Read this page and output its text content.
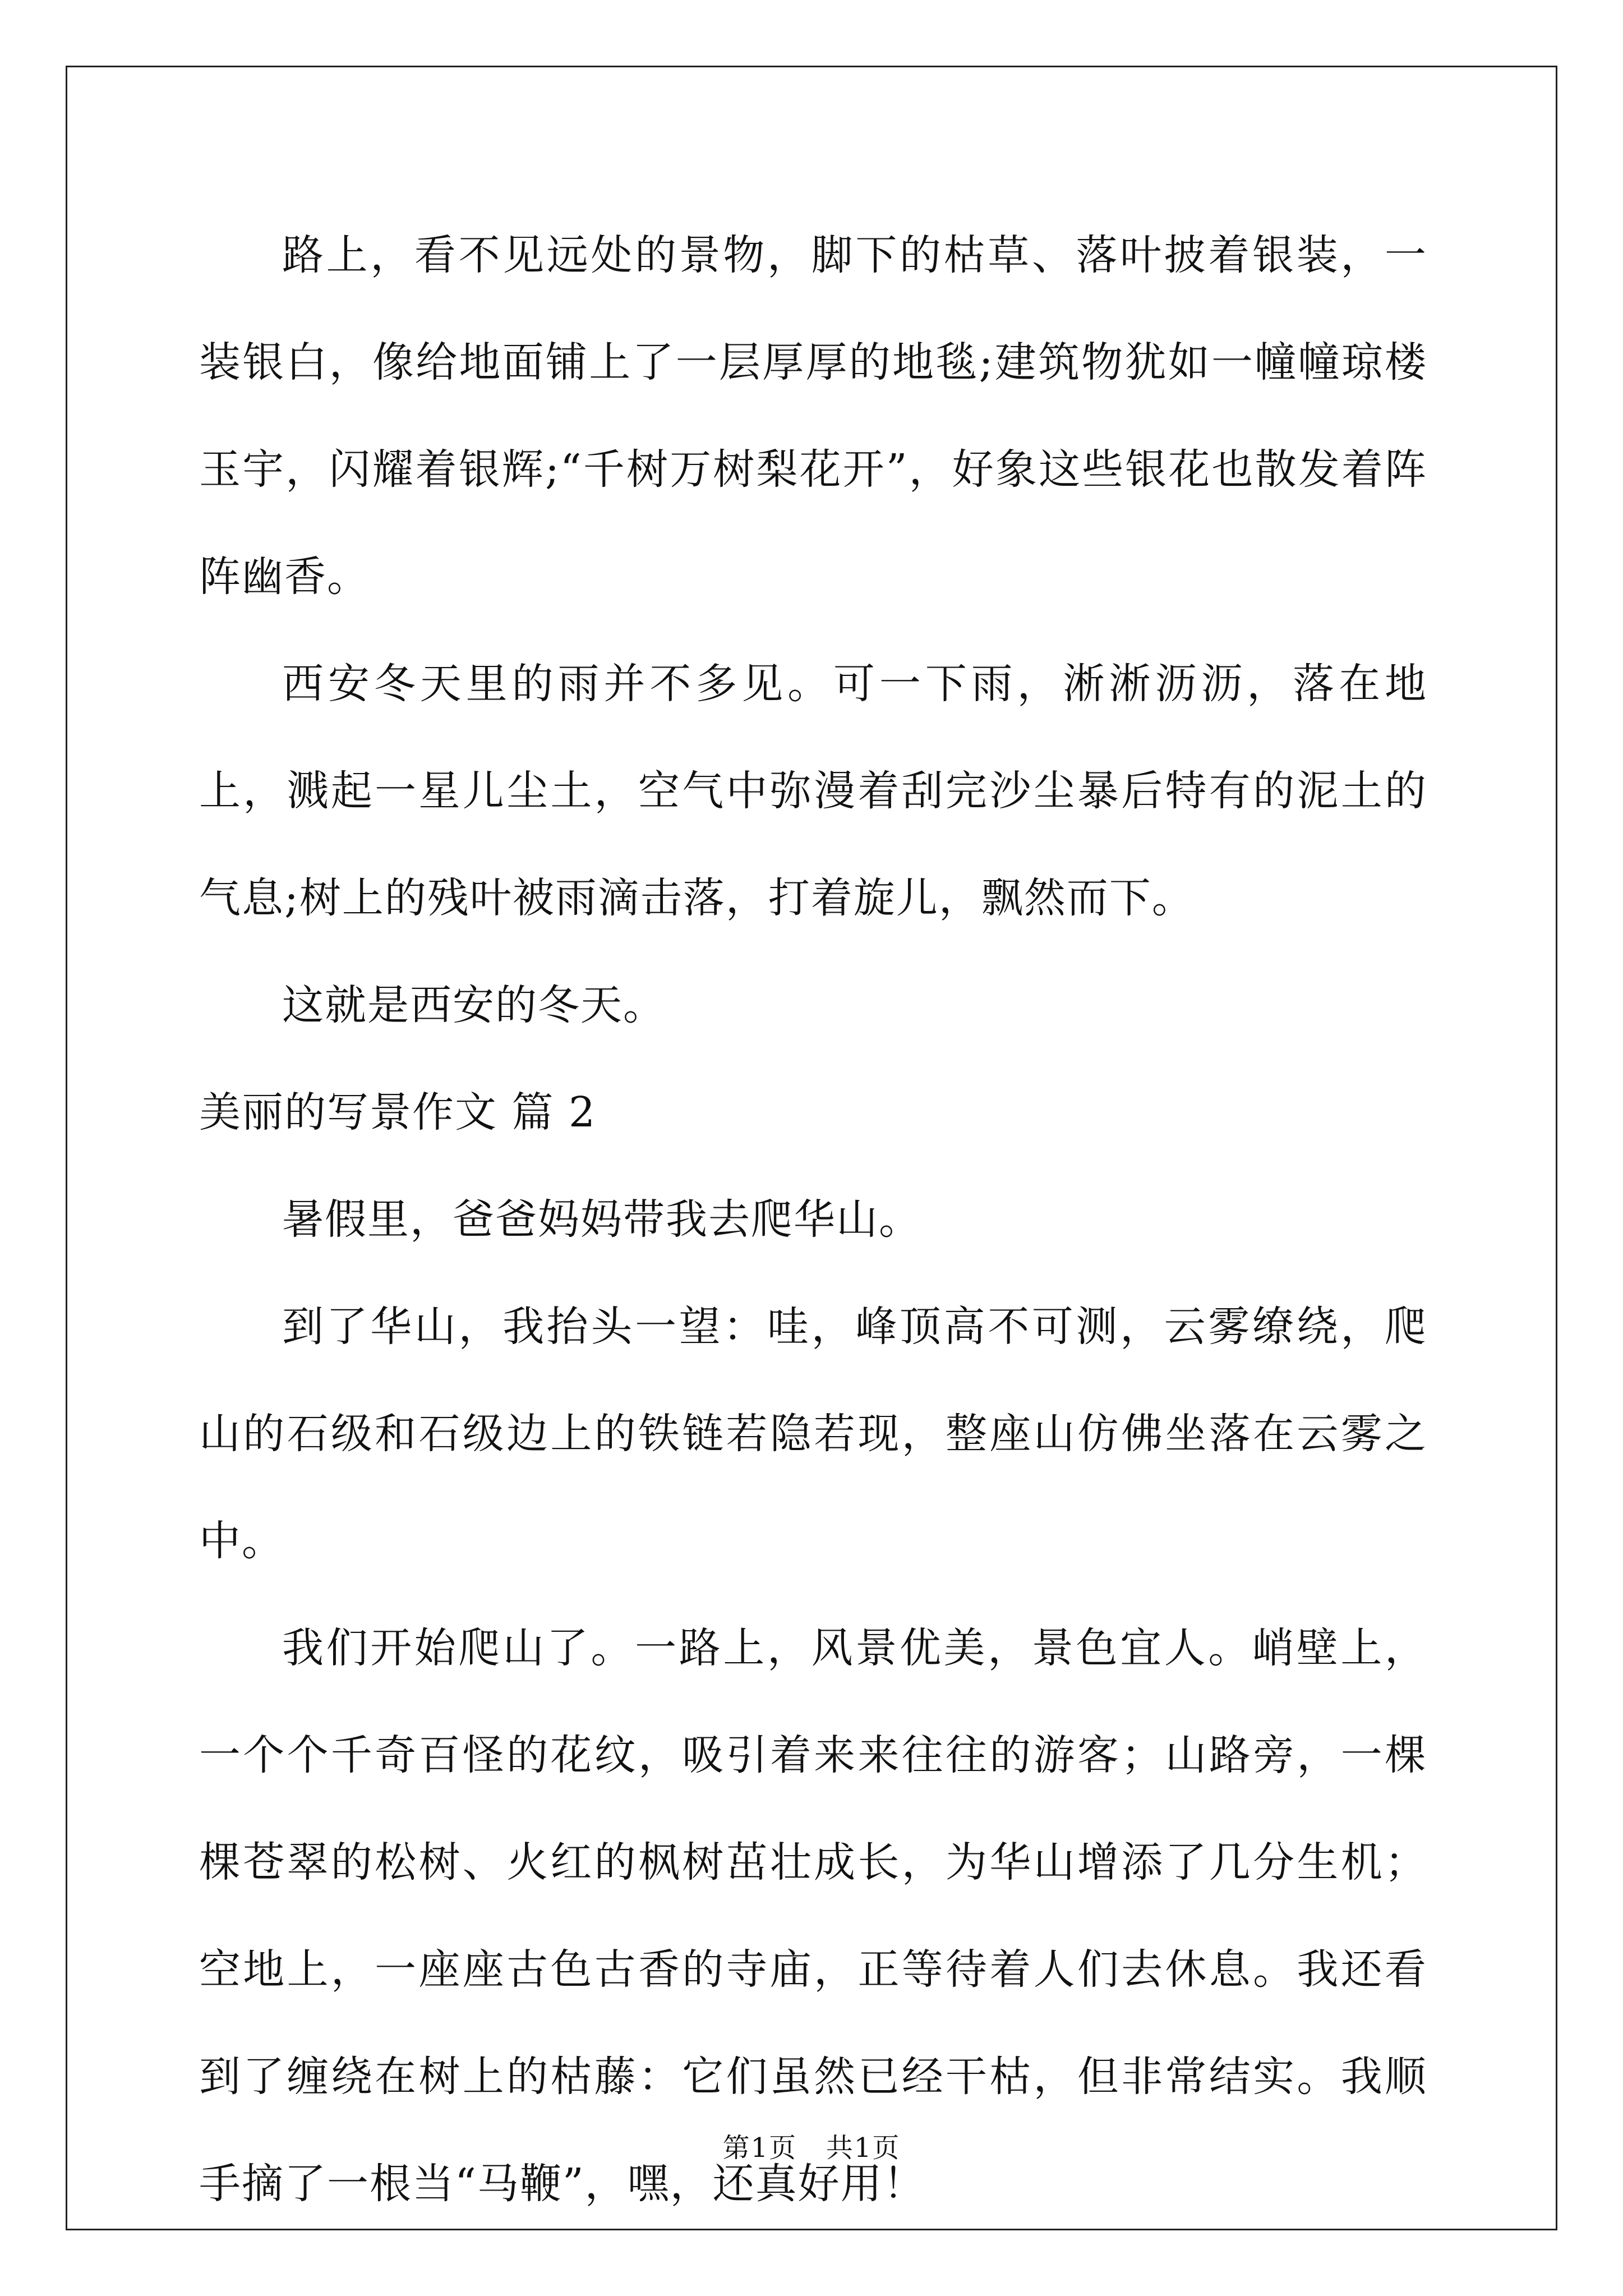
路上，看不见远处的景物，脚下的枯草、落叶披着银装，一装银白，像给地面铺上了一层厚厚的地毯;建筑物犹如一幢幢琼楼玉宇，闪耀着银辉;“千树万树梨花开”，好象这些银花也散发着阵阵幽香。

西安冬天里的雨并不多见。可一下雨，淅淅沥沥，落在地上，溅起一星儿尘土，空气中弥漫着刮完沙尘暴后特有的泥土的气息;树上的残叶被雨滴击落，打着旋儿，飘然而下。

这就是西安的冬天。

美丽的写景作文 篇 2

暑假里，爸爸妈妈带我去爬华山。

到了华山，我抬头一望：哇，峰顶高不可测，云雾缭绕，爬山的石级和石级边上的铁链若隐若现，整座山仿佛坐落在云雾之中。

我们开始爬山了。一路上，风景优美，景色宜人。峭壁上，一个个千奇百怪的花纹，吸引着来来往往的游客；山路旁，一棵棵苍翠的松树、火红的枫树茁壮成长，为华山增添了几分生机；空地上，一座座古色古香的寺庙，正等待着人们去休息。我还看到了缠绕在树上的枯藤：它们虽然已经干枯，但非常结实。我顺手摘了一根当“马鞭”，嘿，还真好用！

第1页 共1页
